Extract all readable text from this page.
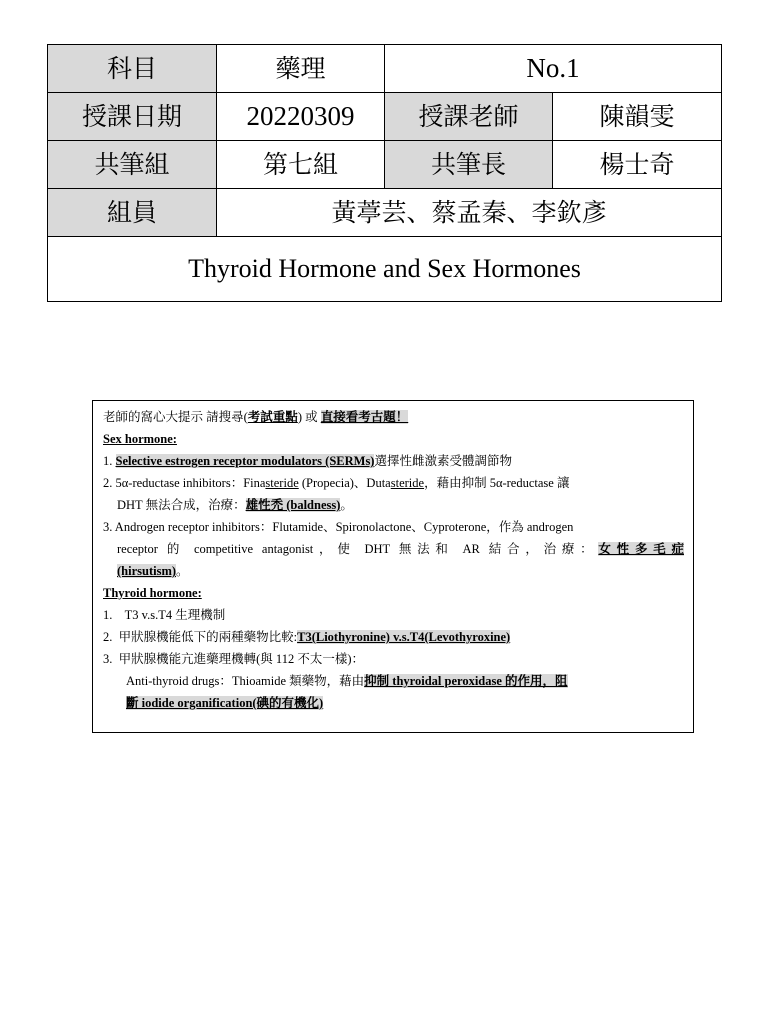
科目	藥理	No.1	
授課日期	20220309	授課老師	陳韻雯
共筆組	第七組	共筆長	楊士奇
組員	黃葶芸、蔡孟秦、李欽彥		
Thyroid Hormone and Sex Hormones			

老師的窩心大提示 請搜尋(考試重點) 或 直接看考古題！

Sex hormone:

1. Selective estrogen receptor modulators (SERMs)選擇性雌激素受體調節物

2. 5α-reductase inhibitors：Finasteride (Propecia)、Dutasteride，藉由抑制 5α-reductase 讓

DHT 無法合成，治療：雄性禿 (baldness)。

3. Androgen receptor inhibitors：Flutamide、Spironolactone、Cyproterone，作為 androgen

receptor 的 competitive antagonist，使 DHT 無法和 AR 結合，治療：女性多毛症

(hirsutism)。

Thyroid hormone:

1.    T3 v.s.T4 生理機制

2.  甲狀腺機能低下的兩種藥物比較:T3(Liothyronine) v.s.T4(Levothyroxine)

3.  甲狀腺機能亢進藥理機轉(與 112 不太一樣)：

Anti-thyroid drugs：Thioamide 類藥物，藉由抑制 thyroidal peroxidase 的作用，阻

斷 iodide organification(碘的有機化)
